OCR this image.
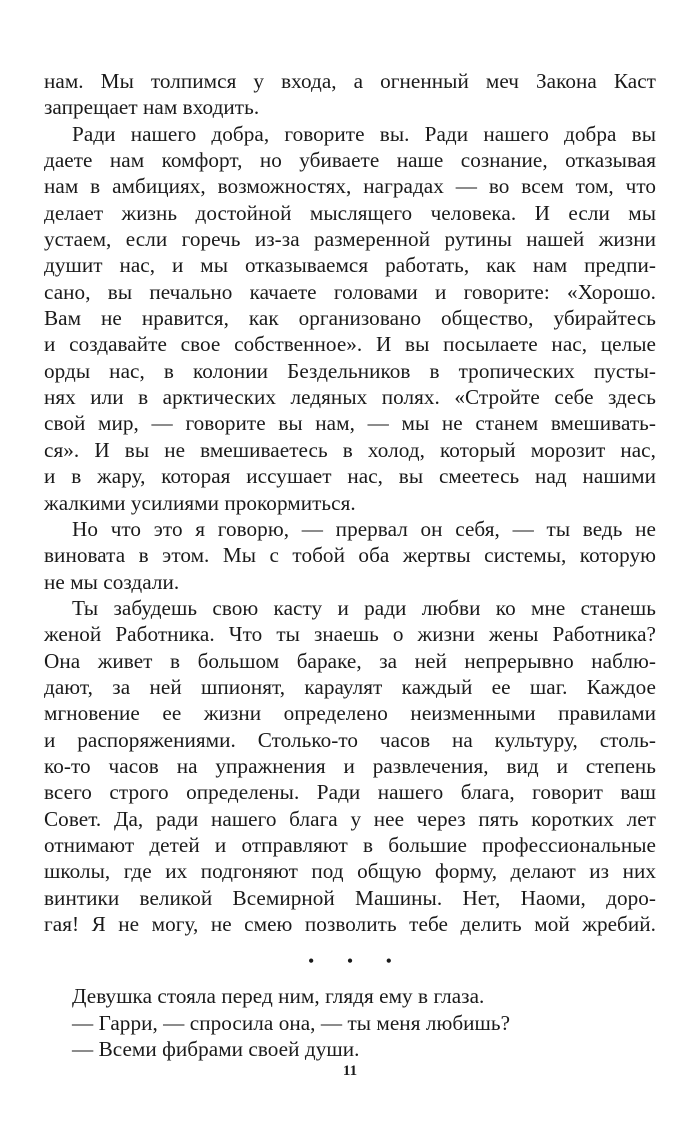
нам. Мы толпимся у входа, а огненный меч Закона Каст
запрещает нам входить.
Ради нашего добра, говорите вы. Ради нашего добра вы
даете нам комфорт, но убиваете наше сознание, отказывая
нам в амбициях, возможностях, наградах — во всем том, что
делает жизнь достойной мыслящего человека. И если мы
устаем, если горечь из-за размеренной рутины нашей жизни
душит нас, и мы отказываемся работать, как нам предпи-
сано, вы печально качаете головами и говорите: «Хорошо.
Вам не нравится, как организовано общество, убирайтесь
и создавайте свое собственное». И вы посылаете нас, целые
орды нас, в колонии Бездельников в тропических пусты-
нях или в арктических ледяных полях. «Стройте себе здесь
свой мир, — говорите вы нам, — мы не станем вмешивать-
ся». И вы не вмешиваетесь в холод, который морозит нас,
и в жару, которая иссушает нас, вы смеетесь над нашими
жалкими усилиями прокормиться.
Но что это я говорю, — прервал он себя, — ты ведь не
виновата в этом. Мы с тобой оба жертвы системы, которую
не мы создали.
Ты забудешь свою касту и ради любви ко мне станешь
женой Работника. Что ты знаешь о жизни жены Работника?
Она живет в большом бараке, за ней непрерывно наблю-
дают, за ней шпионят, караулят каждый ее шаг. Каждое
мгновение ее жизни определено неизменными правилами
и распоряжениями. Столько-то часов на культуру, столь-
ко-то часов на упражнения и развлечения, вид и степень
всего строго определены. Ради нашего блага, говорит ваш
Совет. Да, ради нашего блага у нее через пять коротких лет
отнимают детей и отправляют в большие профессиональные
школы, где их подгоняют под общую форму, делают из них
винтики великой Всемирной Машины. Нет, Наоми, доро-
гая! Я не могу, не смею позволить тебе делить мой жребий.
• • •
Девушка стояла перед ним, глядя ему в глаза.
— Гарри, — спросила она, — ты меня любишь?
— Всеми фибрами своей души.
11
